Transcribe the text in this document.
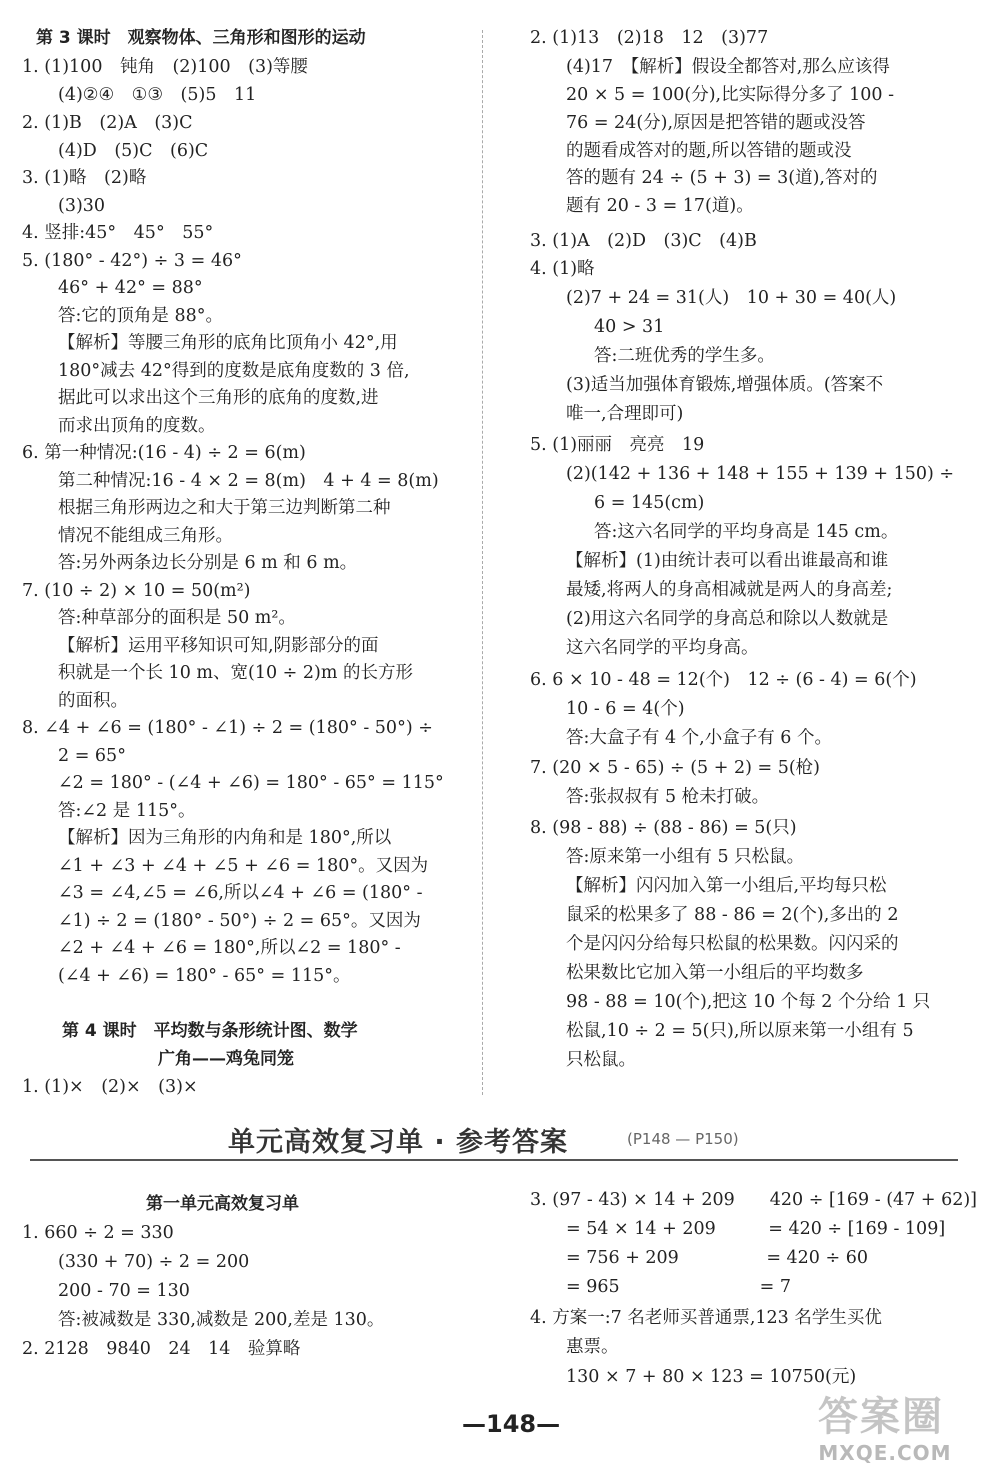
第 3 课时　观察物体、三角形和图形的运动
1. (1)100　钝角　(2)100　(3)等腰
(4)②④　①③　(5)5　11
2. (1)B　(2)A　(3)C
(4)D　(5)C　(6)C
3. (1)略　(2)略
(3)30
4. 竖排:45°　45°　55°
5. (180° - 42°) ÷ 3 = 46°
46° + 42° = 88°
答:它的顶角是 88°。
【解析】等腰三角形的底角比顶角小 42°,用
180°减去 42°得到的度数是底角度数的 3 倍,
据此可以求出这个三角形的底角的度数,进
而求出顶角的度数。
6. 第一种情况:(16 - 4) ÷ 2 = 6(m)
第二种情况:16 - 4 × 2 = 8(m)　4 + 4 = 8(m)
根据三角形两边之和大于第三边判断第二种
情况不能组成三角形。
答:另外两条边长分别是 6 m 和 6 m。
7. (10 ÷ 2) × 10 = 50(m²)
答:种草部分的面积是 50 m²。
【解析】运用平移知识可知,阴影部分的面
积就是一个长 10 m、宽(10 ÷ 2)m 的长方形
的面积。
8. ∠4 + ∠6 = (180° - ∠1) ÷ 2 = (180° - 50°) ÷
2 = 65°
∠2 = 180° - (∠4 + ∠6) = 180° - 65° = 115°
答:∠2 是 115°。
【解析】因为三角形的内角和是 180°,所以
∠1 + ∠3 + ∠4 + ∠5 + ∠6 = 180°。又因为
∠3 = ∠4,∠5 = ∠6,所以∠4 + ∠6 = (180° -
∠1) ÷ 2 = (180° - 50°) ÷ 2 = 65°。又因为
∠2 + ∠4 + ∠6 = 180°,所以∠2 = 180° -
(∠4 + ∠6) = 180° - 65° = 115°。
第 4 课时　平均数与条形统计图、数学
广角——鸡兔同笼
1. (1)×　(2)×　(3)×
2. (1)13　(2)18　12　(3)77
(4)17　【解析】假设全都答对,那么应该得
20 × 5 = 100(分),比实际得分多了 100 -
76 = 24(分),原因是把答错的题或没答
的题看成答对的题,所以答错的题或没
答的题有 24 ÷ (5 + 3) = 3(道),答对的
题有 20 - 3 = 17(道)。
3. (1)A　(2)D　(3)C　(4)B
4. (1)略
(2)7 + 24 = 31(人)　10 + 30 = 40(人)
40 > 31
答:二班优秀的学生多。
(3)适当加强体育锻炼,增强体质。(答案不
唯一,合理即可)
5. (1)丽丽　亮亮　19
(2)(142 + 136 + 148 + 155 + 139 + 150) ÷
6 = 145(cm)
答:这六名同学的平均身高是 145 cm。
【解析】(1)由统计表可以看出谁最高和谁
最矮,将两人的身高相减就是两人的身高差;
(2)用这六名同学的身高总和除以人数就是
这六名同学的平均身高。
6. 6 × 10 - 48 = 12(个)　12 ÷ (6 - 4) = 6(个)
10 - 6 = 4(个)
答:大盒子有 4 个,小盒子有 6 个。
7. (20 × 5 - 65) ÷ (5 + 2) = 5(枪)
答:张叔叔有 5 枪未打破。
8. (98 - 88) ÷ (88 - 86) = 5(只)
答:原来第一小组有 5 只松鼠。
【解析】闪闪加入第一小组后,平均每只松
鼠采的松果多了 88 - 86 = 2(个),多出的 2
个是闪闪分给每只松鼠的松果数。闪闪采的
松果数比它加入第一小组后的平均数多
98 - 88 = 10(个),把这 10 个每 2 个分给 1 只
松鼠,10 ÷ 2 = 5(只),所以原来第一小组有 5
只松鼠。
单元高效复习单 · 参考答案	(P148 — P150)
第一单元高效复习单
1. 660 ÷ 2 = 330
(330 + 70) ÷ 2 = 200
200 - 70 = 130
答:被减数是 330,减数是 200,差是 130。
2. 2128　9840　24　14　验算略
3. (97 - 43) × 14 + 209　　420 ÷ [169 - (47 + 62)]
= 54 × 14 + 209　　　= 420 ÷ [169 - 109]
= 756 + 209　　　　　= 420 ÷ 60
= 965　　　　　　　　= 7
4. 方案一:7 名老师买普通票,123 名学生买优
惠票。
130 × 7 + 80 × 123 = 10750(元)
—148—	答案圈
MXQE.COM
